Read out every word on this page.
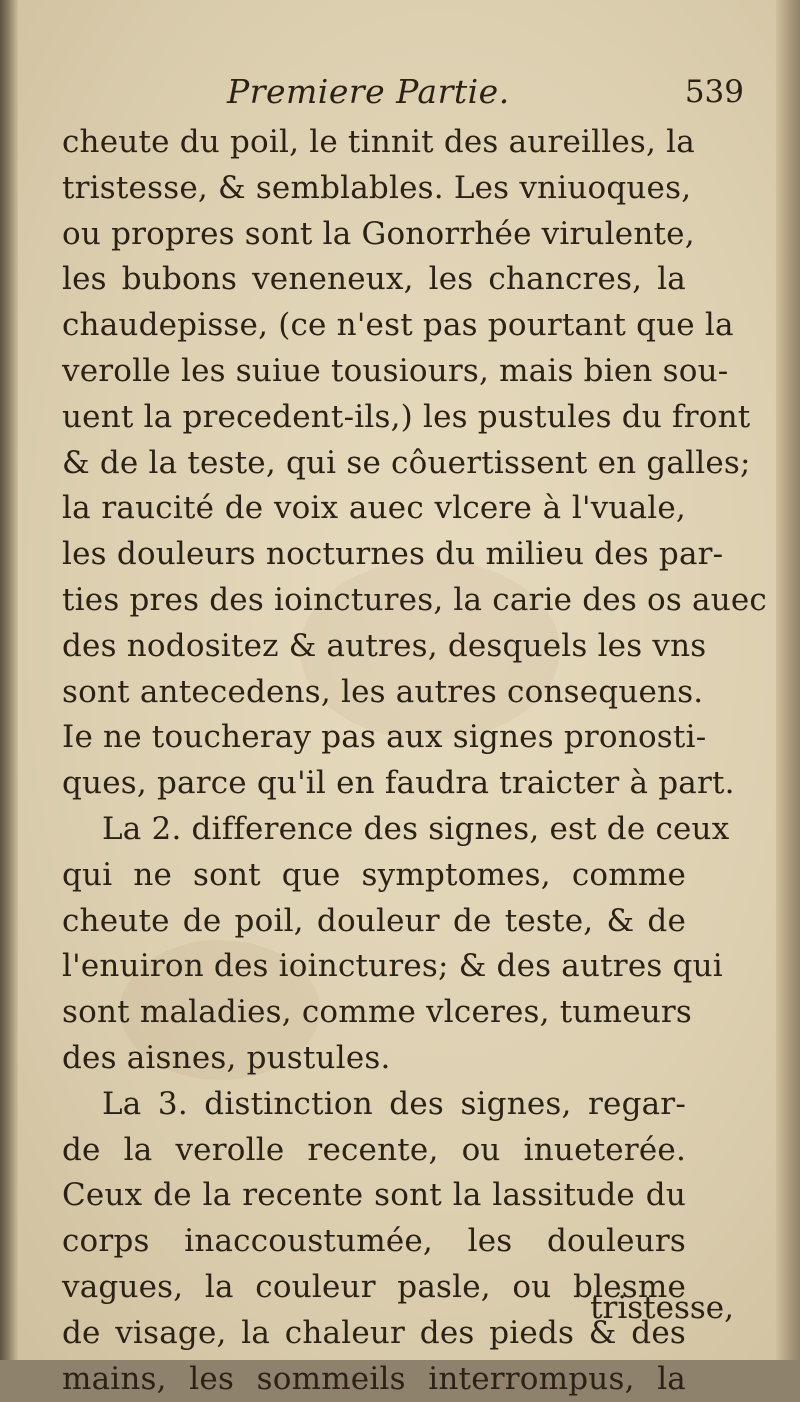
Premiere Partie.	539
cheute du poil, le tinnit des aureilles, la
tristesse, & semblables. Les vniuoques,
ou propres sont la Gonorrhée virulente,
les bubons veneneux, les chancres, la
chaudepisse, (ce n'est pas pourtant que la
verolle les suiue tousiours, mais bien sou-
uent la precedent-ils,) les pustules du front
& de la teste, qui se côuertissent en galles;
la raucité de voix auec vlcere à l'vuale,
les douleurs nocturnes du milieu des par-
ties pres des ioinctures, la carie des os auec
des nodositez & autres, desquels les vns
sont antecedens, les autres consequens.
Ie ne toucheray pas aux signes pronosti-
ques, parce qu'il en faudra traicter à part.
La 2. difference des signes, est de ceux
qui ne sont que symptomes, comme
cheute de poil, douleur de teste, & de
l'enuiron des ioinctures; & des autres qui
sont maladies, comme vlceres, tumeurs
des aisnes, pustules.
La 3. distinction des signes, regar-
de la verolle recente, ou inueterée.
Ceux de la recente sont la lassitude du
corps inaccoustumée, les douleurs
vagues, la couleur pasle, ou blesme
de visage, la chaleur des pieds & des
mains, les sommeils interrompus, la
tristesse,
